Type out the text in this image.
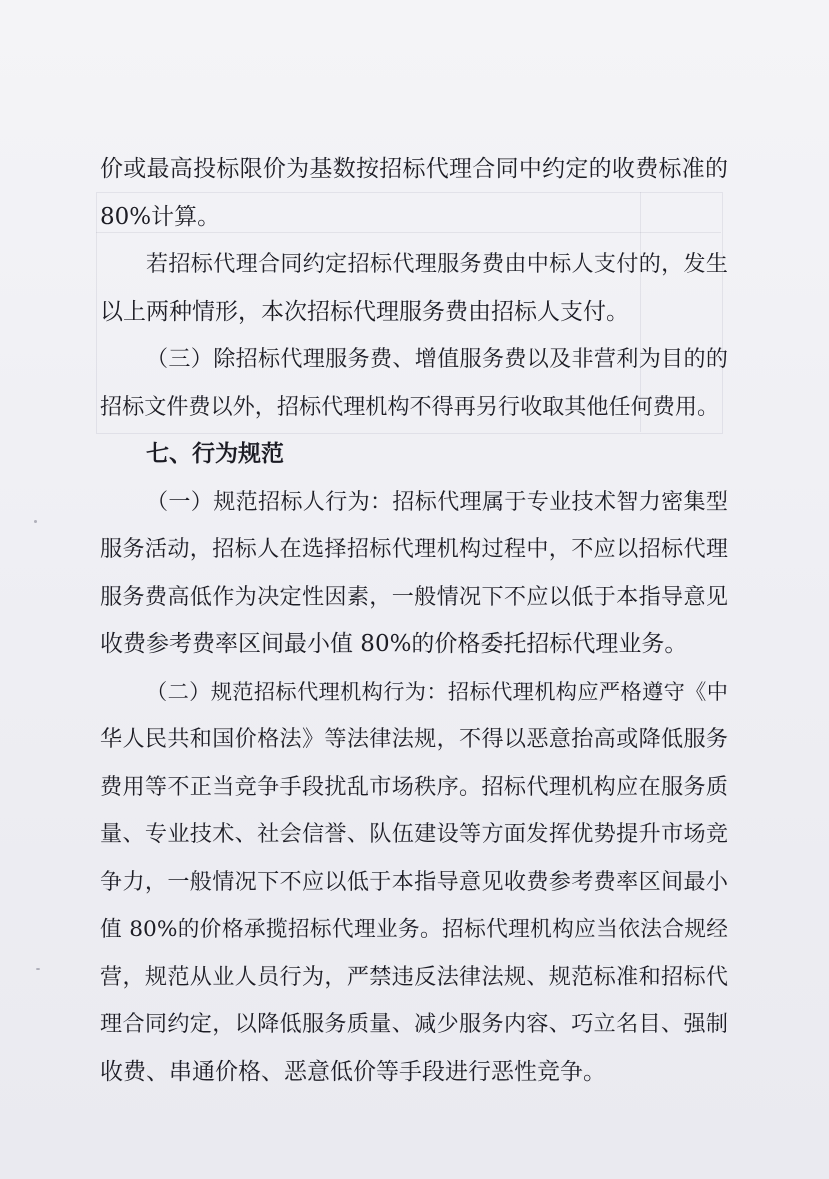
价或最高投标限价为基数按招标代理合同中约定的收费标准的
80%计算。
若招标代理合同约定招标代理服务费由中标人支付的，发生
以上两种情形，本次招标代理服务费由招标人支付。
（三）除招标代理服务费、增值服务费以及非营利为目的的
招标文件费以外，招标代理机构不得再另行收取其他任何费用。
七、行为规范
（一）规范招标人行为：招标代理属于专业技术智力密集型
服务活动，招标人在选择招标代理机构过程中，不应以招标代理
服务费高低作为决定性因素，一般情况下不应以低于本指导意见
收费参考费率区间最小值 80%的价格委托招标代理业务。
（二）规范招标代理机构行为：招标代理机构应严格遵守《中
华人民共和国价格法》等法律法规，不得以恶意抬高或降低服务
费用等不正当竞争手段扰乱市场秩序。招标代理机构应在服务质
量、专业技术、社会信誉、队伍建设等方面发挥优势提升市场竞
争力，一般情况下不应以低于本指导意见收费参考费率区间最小
值 80%的价格承揽招标代理业务。招标代理机构应当依法合规经
营，规范从业人员行为，严禁违反法律法规、规范标准和招标代
理合同约定，以降低服务质量、减少服务内容、巧立名目、强制
收费、串通价格、恶意低价等手段进行恶性竞争。
